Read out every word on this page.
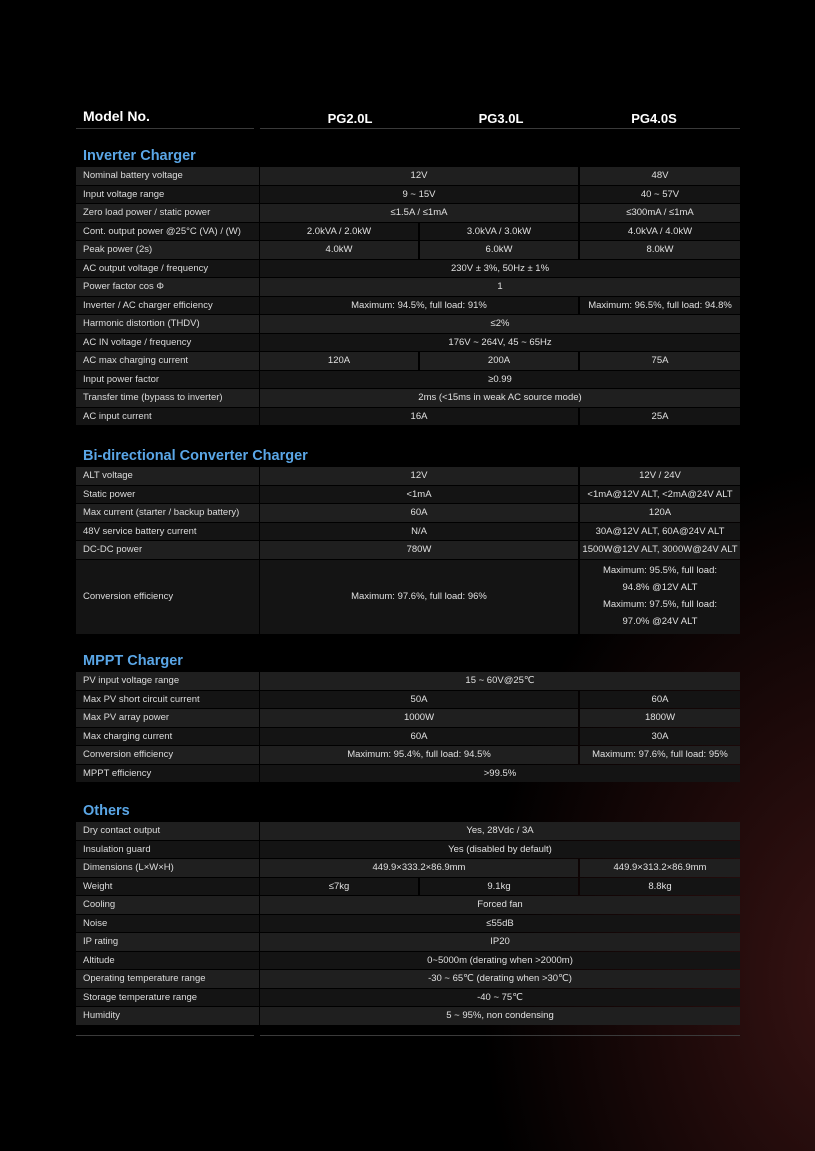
Model No.	PG2.0L	PG3.0L	PG4.0S
Inverter Charger
Bi-directional Converter Charger
MPPT Charger
Others
Nominal battery voltage	12V	48V
Input voltage range	9 ~ 15V	40 ~ 57V
Zero load power / static power	≤1.5A / ≤1mA	≤300mA / ≤1mA
Cont. output power @25°C (VA) / (W)	2.0kVA / 2.0kW	3.0kVA / 3.0kW	4.0kVA / 4.0kW
Peak power (2s)	4.0kW	6.0kW	8.0kW
AC output voltage / frequency	230V ± 3%, 50Hz ± 1%
Power factor cos Φ	1
Inverter / AC charger efficiency	Maximum: 94.5%, full load: 91%	Maximum: 96.5%, full load: 94.8%
Harmonic distortion (THDV)	≤2%
AC IN voltage / frequency	176V ~ 264V, 45 ~ 65Hz
AC max charging current	120A	200A	75A
Input power factor	≥0.99
Transfer time (bypass to inverter)	2ms (<15ms in weak AC source mode)
AC input current	16A	25A
ALT voltage	12V	12V / 24V
Static power	<1mA	<1mA@12V ALT, <2mA@24V ALT
Max current (starter / backup battery)	60A	120A
48V service battery current	N/A	30A@12V ALT, 60A@24V ALT
DC-DC power	780W	1500W@12V ALT, 3000W@24V ALT
Conversion efficiency	Maximum: 97.6%, full load: 96%
Maximum: 95.5%, full load:
94.8% @12V ALT
Maximum: 97.5%, full load:
97.0% @24V ALT
PV input voltage range	15 ~ 60V@25℃
Max PV short circuit current	50A	60A
Max PV array power	1000W	1800W
Max charging current	60A	30A
Conversion efficiency	Maximum: 95.4%, full load: 94.5%	Maximum: 97.6%, full load: 95%
MPPT efficiency	>99.5%
Dry contact output	Yes, 28Vdc / 3A
Insulation guard	Yes (disabled by default)
Dimensions (L×W×H)	449.9×333.2×86.9mm	449.9×313.2×86.9mm
Weight	≤7kg	9.1kg	8.8kg
Cooling	Forced fan
Noise	≤55dB
IP rating	IP20
Altitude	0~5000m (derating when >2000m)
Operating temperature range	-30 ~ 65℃ (derating when >30℃)
Storage temperature range	-40 ~ 75℃
Humidity	5 ~ 95%, non condensing
